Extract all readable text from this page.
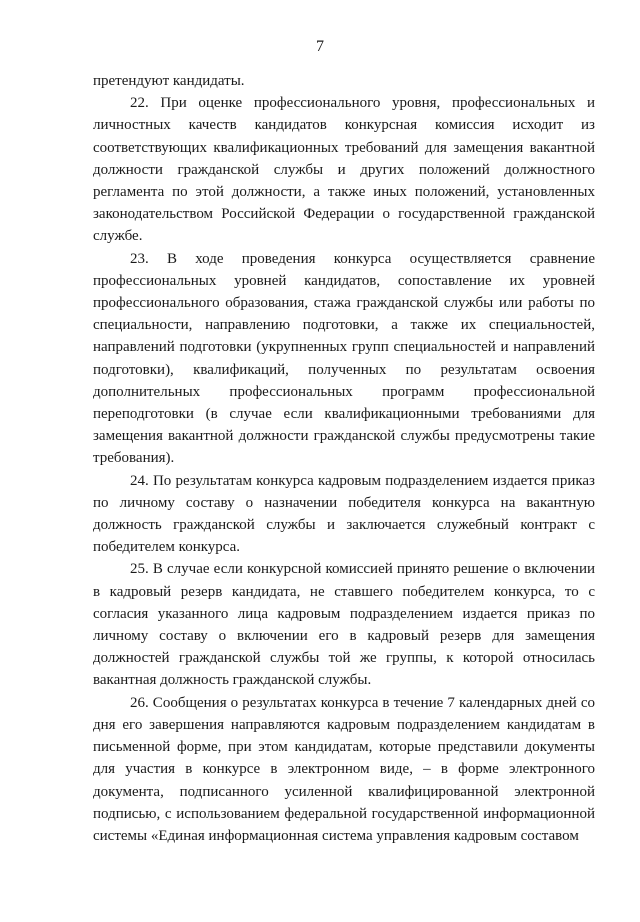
7

претендуют кандидаты.

22. При оценке профессионального уровня, профессиональных и личностных качеств кандидатов конкурсная комиссия исходит из соответствующих квалификационных требований для замещения вакантной должности гражданской службы и других положений должностного регламента по этой должности, а также иных положений, установленных законодательством Российской Федерации о государственной гражданской службе.

23. В ходе проведения конкурса осуществляется сравнение профессиональных уровней кандидатов, сопоставление их уровней профессионального образования, стажа гражданской службы или работы по специальности, направлению подготовки, а также их специальностей, направлений подготовки (укрупненных групп специальностей и направлений подготовки), квалификаций, полученных по результатам освоения дополнительных профессиональных программ профессиональной переподготовки (в случае если квалификационными требованиями для замещения вакантной должности гражданской службы предусмотрены такие требования).

24. По результатам конкурса кадровым подразделением издается приказ по личному составу о назначении победителя конкурса на вакантную должность гражданской службы и заключается служебный контракт с победителем конкурса.

25. В случае если конкурсной комиссией принято решение о включении в кадровый резерв кандидата, не ставшего победителем конкурса, то с согласия указанного лица кадровым подразделением издается приказ по личному составу о включении его в кадровый резерв для замещения должностей гражданской службы той же группы, к которой относилась вакантная должность гражданской службы.

26. Сообщения о результатах конкурса в течение 7 календарных дней со дня его завершения направляются кадровым подразделением кандидатам в письменной форме, при этом кандидатам, которые представили документы для участия в конкурсе в электронном виде, – в форме электронного документа, подписанного усиленной квалифицированной электронной подписью, с использованием федеральной государственной информационной системы «Единая информационная система управления кадровым составом
